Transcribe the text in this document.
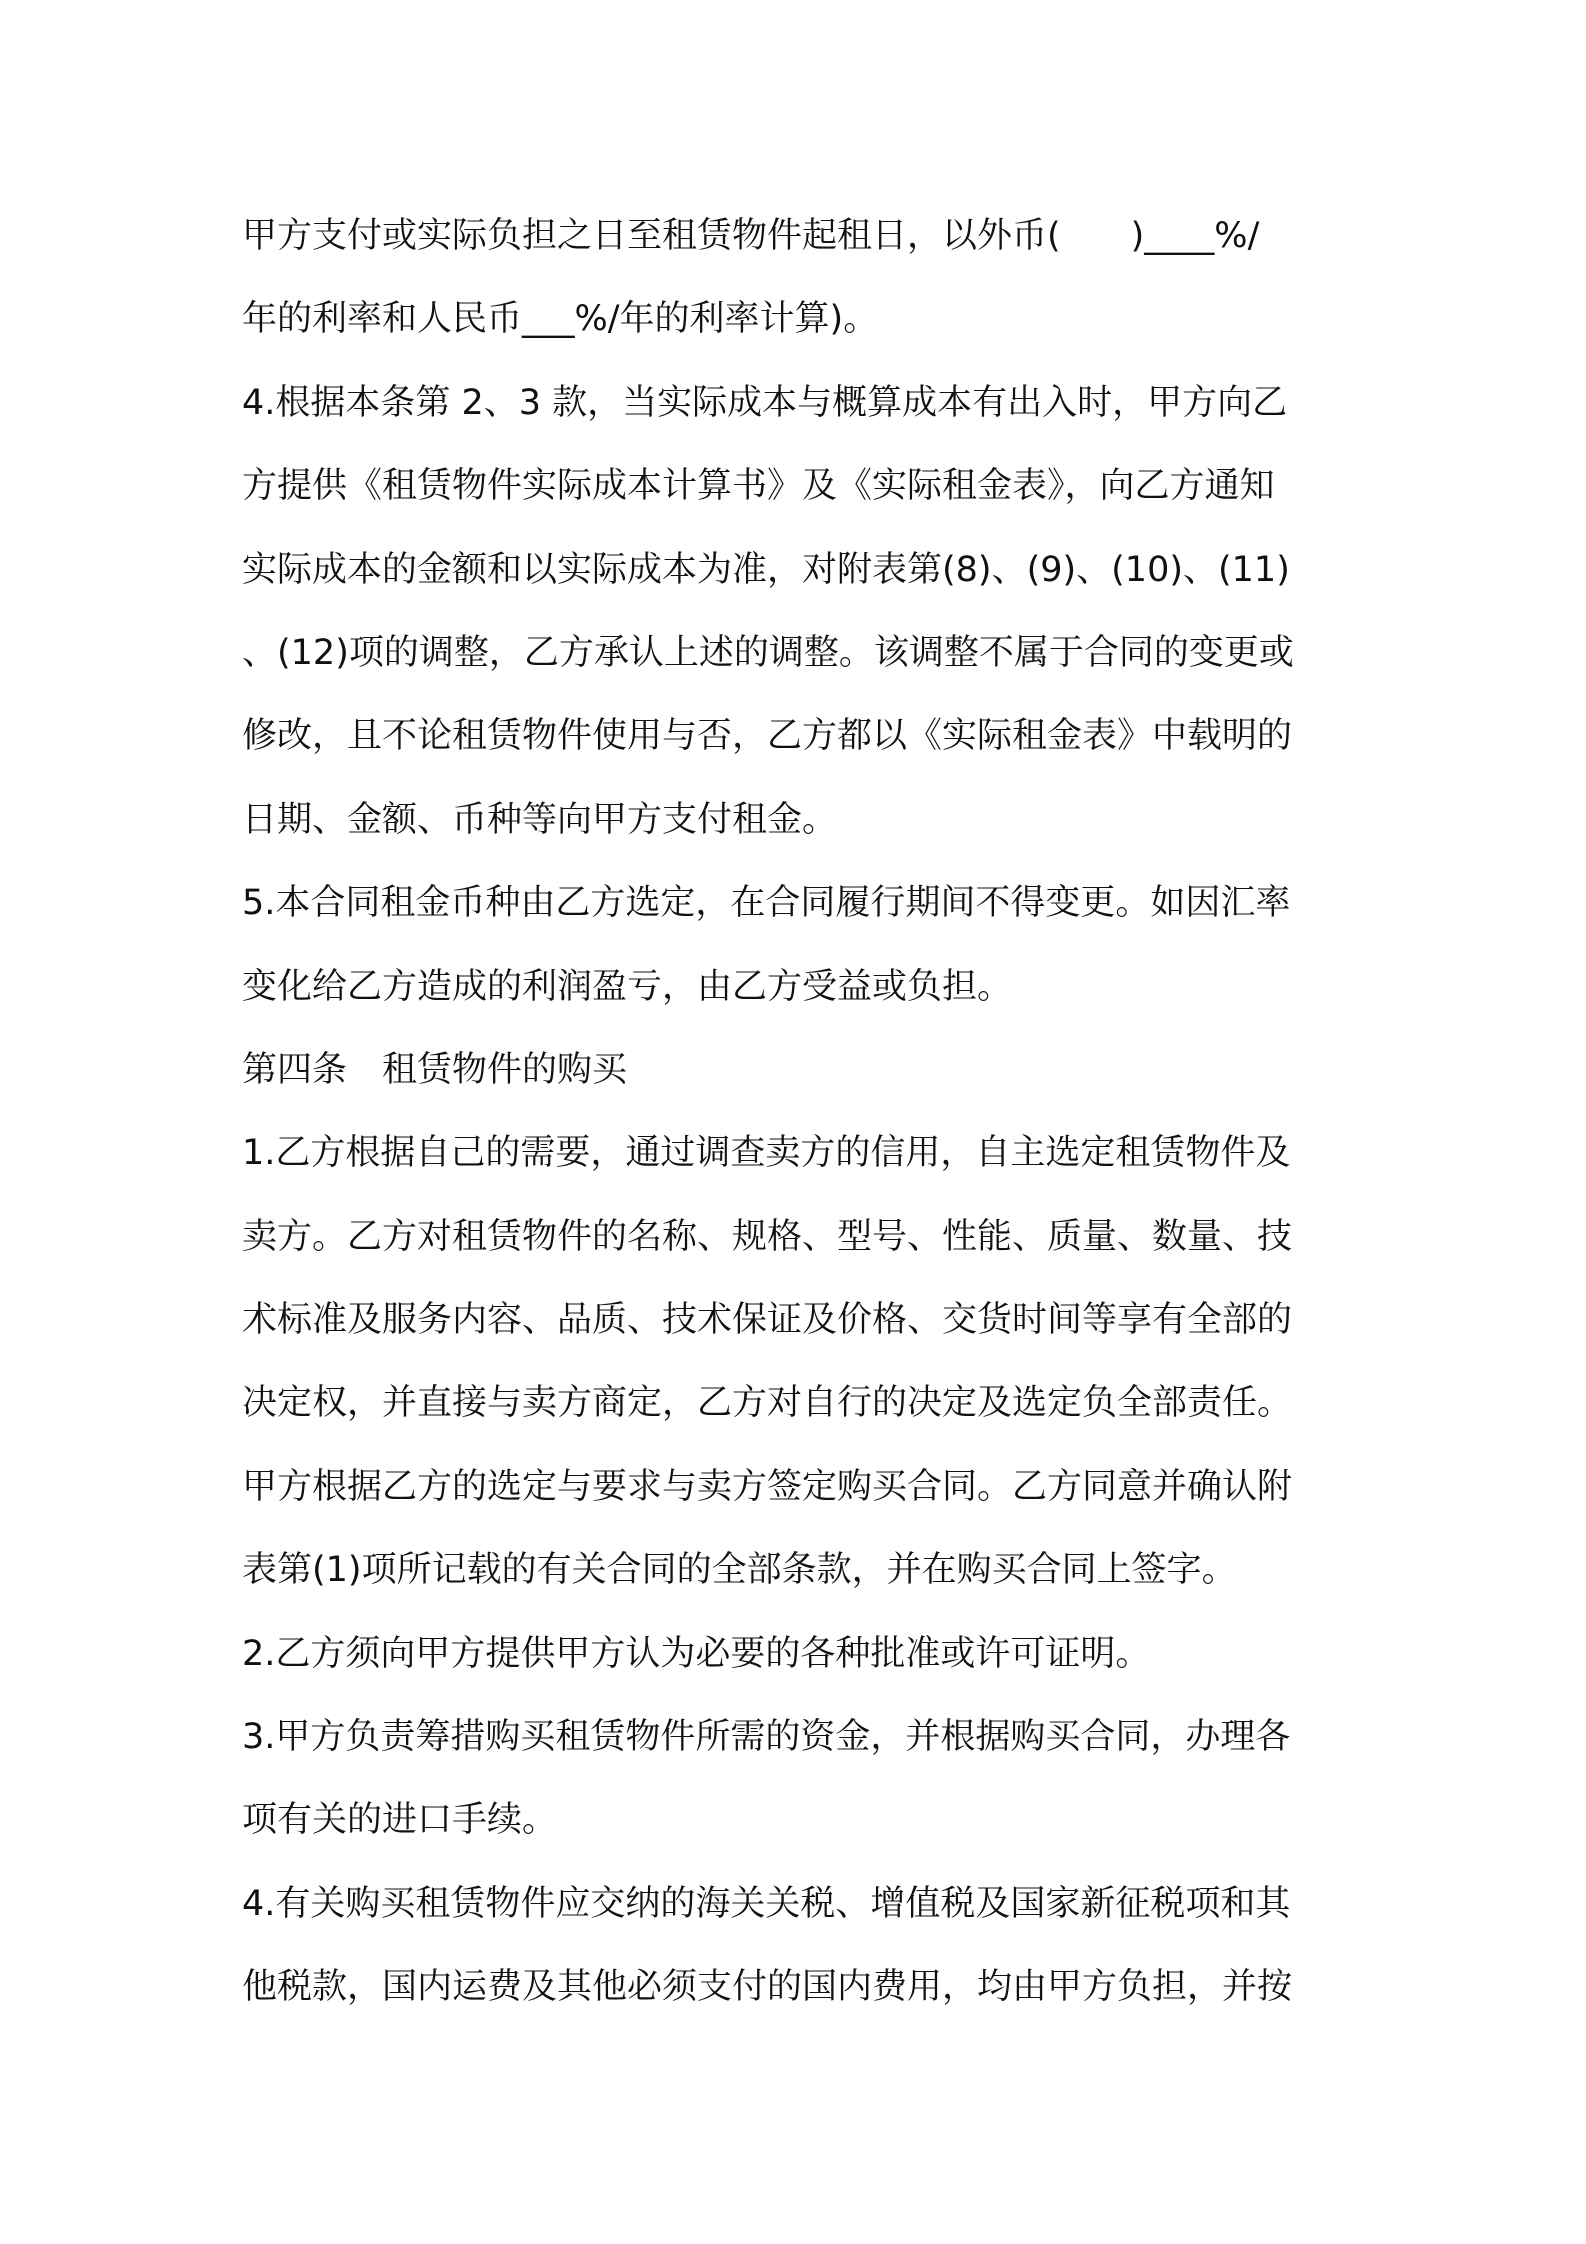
甲方支付或实际负担之日至租赁物件起租日，以外币(　　)____%/
年的利率和人民币___%/年的利率计算)。
4.根据本条第 2、3 款，当实际成本与概算成本有出入时，甲方向乙
方提供《租赁物件实际成本计算书》及《实际租金表》，向乙方通知
实际成本的金额和以实际成本为准，对附表第(8)、(9)、(10)、(11)
、(12)项的调整，乙方承认上述的调整。该调整不属于合同的变更或
修改，且不论租赁物件使用与否，乙方都以《实际租金表》中载明的
日期、金额、币种等向甲方支付租金。
5.本合同租金币种由乙方选定，在合同履行期间不得变更。如因汇率
变化给乙方造成的利润盈亏，由乙方受益或负担。
第四条　租赁物件的购买
1.乙方根据自己的需要，通过调查卖方的信用，自主选定租赁物件及
卖方。乙方对租赁物件的名称、规格、型号、性能、质量、数量、技
术标准及服务内容、品质、技术保证及价格、交货时间等享有全部的
决定权，并直接与卖方商定，乙方对自行的决定及选定负全部责任。
甲方根据乙方的选定与要求与卖方签定购买合同。乙方同意并确认附
表第(1)项所记载的有关合同的全部条款，并在购买合同上签字。
2.乙方须向甲方提供甲方认为必要的各种批准或许可证明。
3.甲方负责筹措购买租赁物件所需的资金，并根据购买合同，办理各
项有关的进口手续。
4.有关购买租赁物件应交纳的海关关税、增值税及国家新征税项和其
他税款，国内运费及其他必须支付的国内费用，均由甲方负担，并按
